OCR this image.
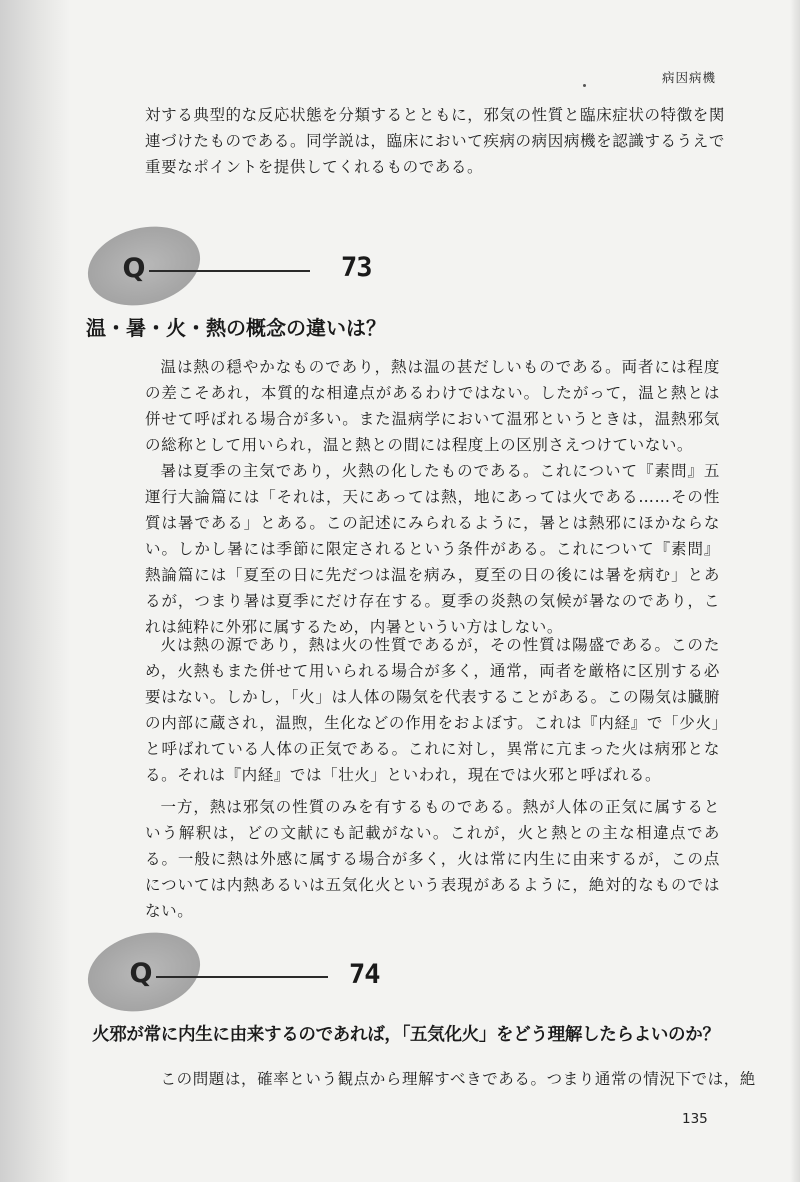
病因病機

対する典型的な反応状態を分類するとともに，邪気の性質と臨床症状の特徴を関連づけたものである。同学説は，臨床において疾病の病因病機を認識するうえで重要なポイントを提供してくれるものである。

Q	73
温・暑・火・熱の概念の違いは？

温は熱の穏やかなものであり，熱は温の甚だしいものである。両者には程度の差こそあれ，本質的な相違点があるわけではない。したがって，温と熱とは併せて呼ばれる場合が多い。また温病学において温邪というときは，温熱邪気の総称として用いられ，温と熱との間には程度上の区別さえつけていない。

暑は夏季の主気であり，火熱の化したものである。これについて『素問』五運行大論篇には「それは，天にあっては熱，地にあっては火である……その性質は暑である」とある。この記述にみられるように，暑とは熱邪にほかならない。しかし暑には季節に限定されるという条件がある。これについて『素問』熱論篇には「夏至の日に先だつは温を病み，夏至の日の後には暑を病む」とあるが，つまり暑は夏季にだけ存在する。夏季の炎熱の気候が暑なのであり，これは純粋に外邪に属するため，内暑というい方はしない。

火は熱の源であり，熱は火の性質であるが，その性質は陽盛である。このため，火熱もまた併せて用いられる場合が多く，通常，両者を厳格に区別する必要はない。しかし，「火」は人体の陽気を代表することがある。この陽気は臓腑の内部に蔵され，温煦，生化などの作用をおよぼす。これは『内経』で「少火」と呼ばれている人体の正気である。これに対し，異常に亢まった火は病邪となる。それは『内経』では「壮火」といわれ，現在では火邪と呼ばれる。

一方，熱は邪気の性質のみを有するものである。熱が人体の正気に属するという解釈は，どの文献にも記載がない。これが，火と熱との主な相違点である。一般に熱は外感に属する場合が多く，火は常に内生に由来するが，この点については内熱あるいは五気化火という表現があるように，絶対的なものではない。

Q	74
火邪が常に内生に由来するのであれば，「五気化火」をどう理解したらよいのか？

この問題は，確率という観点から理解すべきである。つまり通常の情況下では，絶

135
